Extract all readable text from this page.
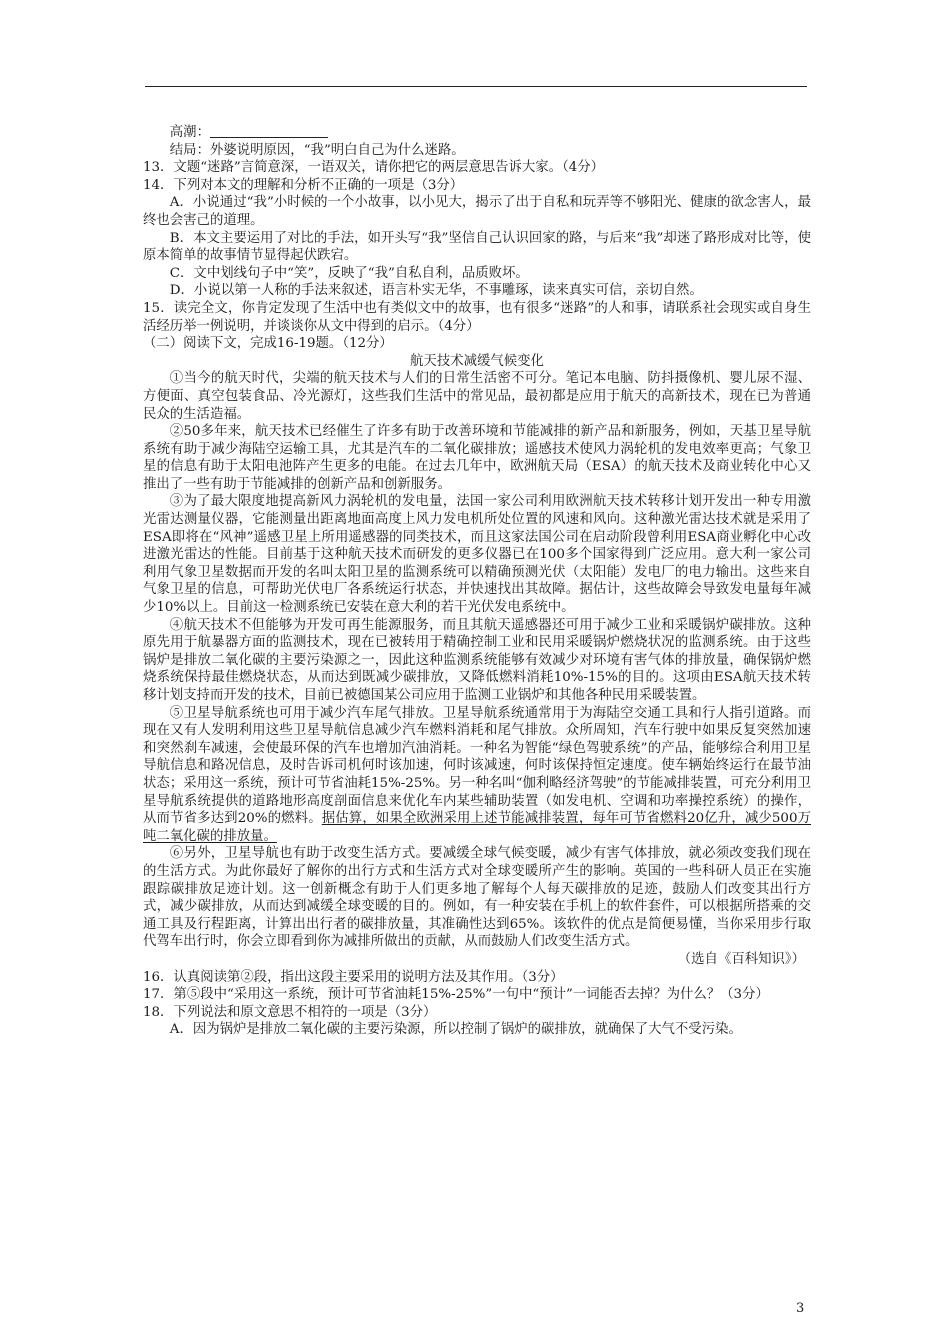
高潮：

结局：外婆说明原因，“我”明白自己为什么迷路。

13．文题“迷路”言简意深，一语双关，请你把它的两层意思告诉大家。（4分）

14．下列对本文的理解和分析不正确的一项是（3分）

A．小说通过“我”小时候的一个小故事，以小见大，揭示了出于自私和玩弄等不够阳光、健康的欲念害人，最终也会害己的道理。

B．本文主要运用了对比的手法，如开头写“我”坚信自己认识回家的路，与后来“我”却迷了路形成对比等，使原本简单的故事情节显得起伏跌宕。

C．文中划线句子中“笑”，反映了“我”自私自利，品质败坏。

D．小说以第一人称的手法来叙述，语言朴实无华，不事雕琢，读来真实可信，亲切自然。

15．读完全文，你肯定发现了生活中也有类似文中的故事，也有很多“迷路”的人和事，请联系社会现实或自身生活经历举一例说明，并谈谈你从文中得到的启示。（4分）

（二）阅读下文，完成16-19题。（12分）

航天技术减缓气候变化

①当今的航天时代，尖端的航天技术与人们的日常生活密不可分。笔记本电脑、防抖摄像机、婴儿尿不湿、方便面、真空包装食品、冷光源灯，这些我们生活中的常见品，最初都是应用于航天的高新技术，现在已为普通民众的生活造福。

②50多年来，航天技术已经催生了许多有助于改善环境和节能减排的新产品和新服务，例如，天基卫星导航系统有助于减少海陆空运输工具，尤其是汽车的二氧化碳排放；遥感技术使风力涡轮机的发电效率更高；气象卫星的信息有助于太阳电池阵产生更多的电能。在过去几年中，欧洲航天局（ESA）的航天技术及商业转化中心又推出了一些有助于节能减排的创新产品和创新服务。

③为了最大限度地提高新风力涡轮机的发电量，法国一家公司利用欧洲航天技术转移计划开发出一种专用激光雷达测量仪器，它能测量出距离地面高度上风力发电机所处位置的风速和风向。这种激光雷达技术就是采用了ESA即将在“风神”遥感卫星上所用遥感器的同类技术，而且这家法国公司在启动阶段曾利用ESA商业孵化中心改进激光雷达的性能。目前基于这种航天技术而研发的更多仪器已在100多个国家得到广泛应用。意大利一家公司利用气象卫星数据而开发的名叫太阳卫星的监测系统可以精确预测光伏（太阳能）发电厂的电力输出。这些来自气象卫星的信息，可帮助光伏电厂各系统运行状态，并快速找出其故障。据估计，这些故障会导致发电量每年减少10%以上。目前这一检测系统已安装在意大利的若干光伏发电系统中。

④航天技术不但能够为开发可再生能源服务，而且其航天遥感器还可用于减少工业和采暖锅炉碳排放。这种原先用于航暴器方面的监测技术，现在已被转用于精确控制工业和民用采暖锅炉燃烧状况的监测系统。由于这些锅炉是排放二氧化碳的主要污染源之一，因此这种监测系统能够有效减少对环境有害气体的排放量，确保锅炉燃烧系统保持最佳燃烧状态，从而达到既减少碳排放，又降低燃料消耗10%-15%的目的。这项由ESA航天技术转移计划支持而开发的技术，目前已被德国某公司应用于监测工业锅炉和其他各种民用采暖装置。

⑤卫星导航系统也可用于减少汽车尾气排放。卫星导航系统通常用于为海陆空交通工具和行人指引道路。而现在又有人发明利用这些卫星导航信息减少汽车燃料消耗和尾气排放。众所周知，汽车行驶中如果反复突然加速和突然刹车减速，会使最环保的汽车也增加汽油消耗。一种名为智能“绿色驾驶系统”的产品，能够综合利用卫星导航信息和路况信息，及时告诉司机何时该加速，何时该减速，何时该保持恒定速度。使车辆始终运行在最节油状态；采用这一系统，预计可节省油耗15%-25%。另一种名叫“伽利略经济驾驶”的节能减排装置，可充分利用卫星导航系统提供的道路地形高度剖面信息来优化车内某些辅助装置（如发电机、空调和功率操控系统）的操作，从而节省多达到20%的燃料。据估算，如果全欧洲采用上述节能减排装置，每年可节省燃料20亿升，减少500万吨二氧化碳的排放量。

⑥另外，卫星导航也有助于改变生活方式。要减缓全球气候变暖，减少有害气体排放，就必须改变我们现在的生活方式。为此你最好了解你的出行方式和生活方式对全球变暖所产生的影响。英国的一些科研人员正在实施跟踪碳排放足迹计划。这一创新概念有助于人们更多地了解每个人每天碳排放的足迹，鼓励人们改变其出行方式，减少碳排放，从而达到减缓全球变暖的目的。例如，有一种安装在手机上的软件套件，可以根据所搭乘的交通工具及行程距离，计算出出行者的碳排放量，其准确性达到65%。该软件的优点是简便易懂，当你采用步行取代驾车出行时，你会立即看到你为减排所做出的贡献，从而鼓励人们改变生活方式。

（选自《百科知识》）

16．认真阅读第②段，指出这段主要采用的说明方法及其作用。（3分）

17．第⑤段中“采用这一系统，预计可节省油耗15%-25%”一句中“预计”一词能否去掉？为什么？（3分）

18．下列说法和原文意思不相符的一项是（3分）

A．因为锅炉是排放二氧化碳的主要污染源，所以控制了锅炉的碳排放，就确保了大气不受污染。

3
